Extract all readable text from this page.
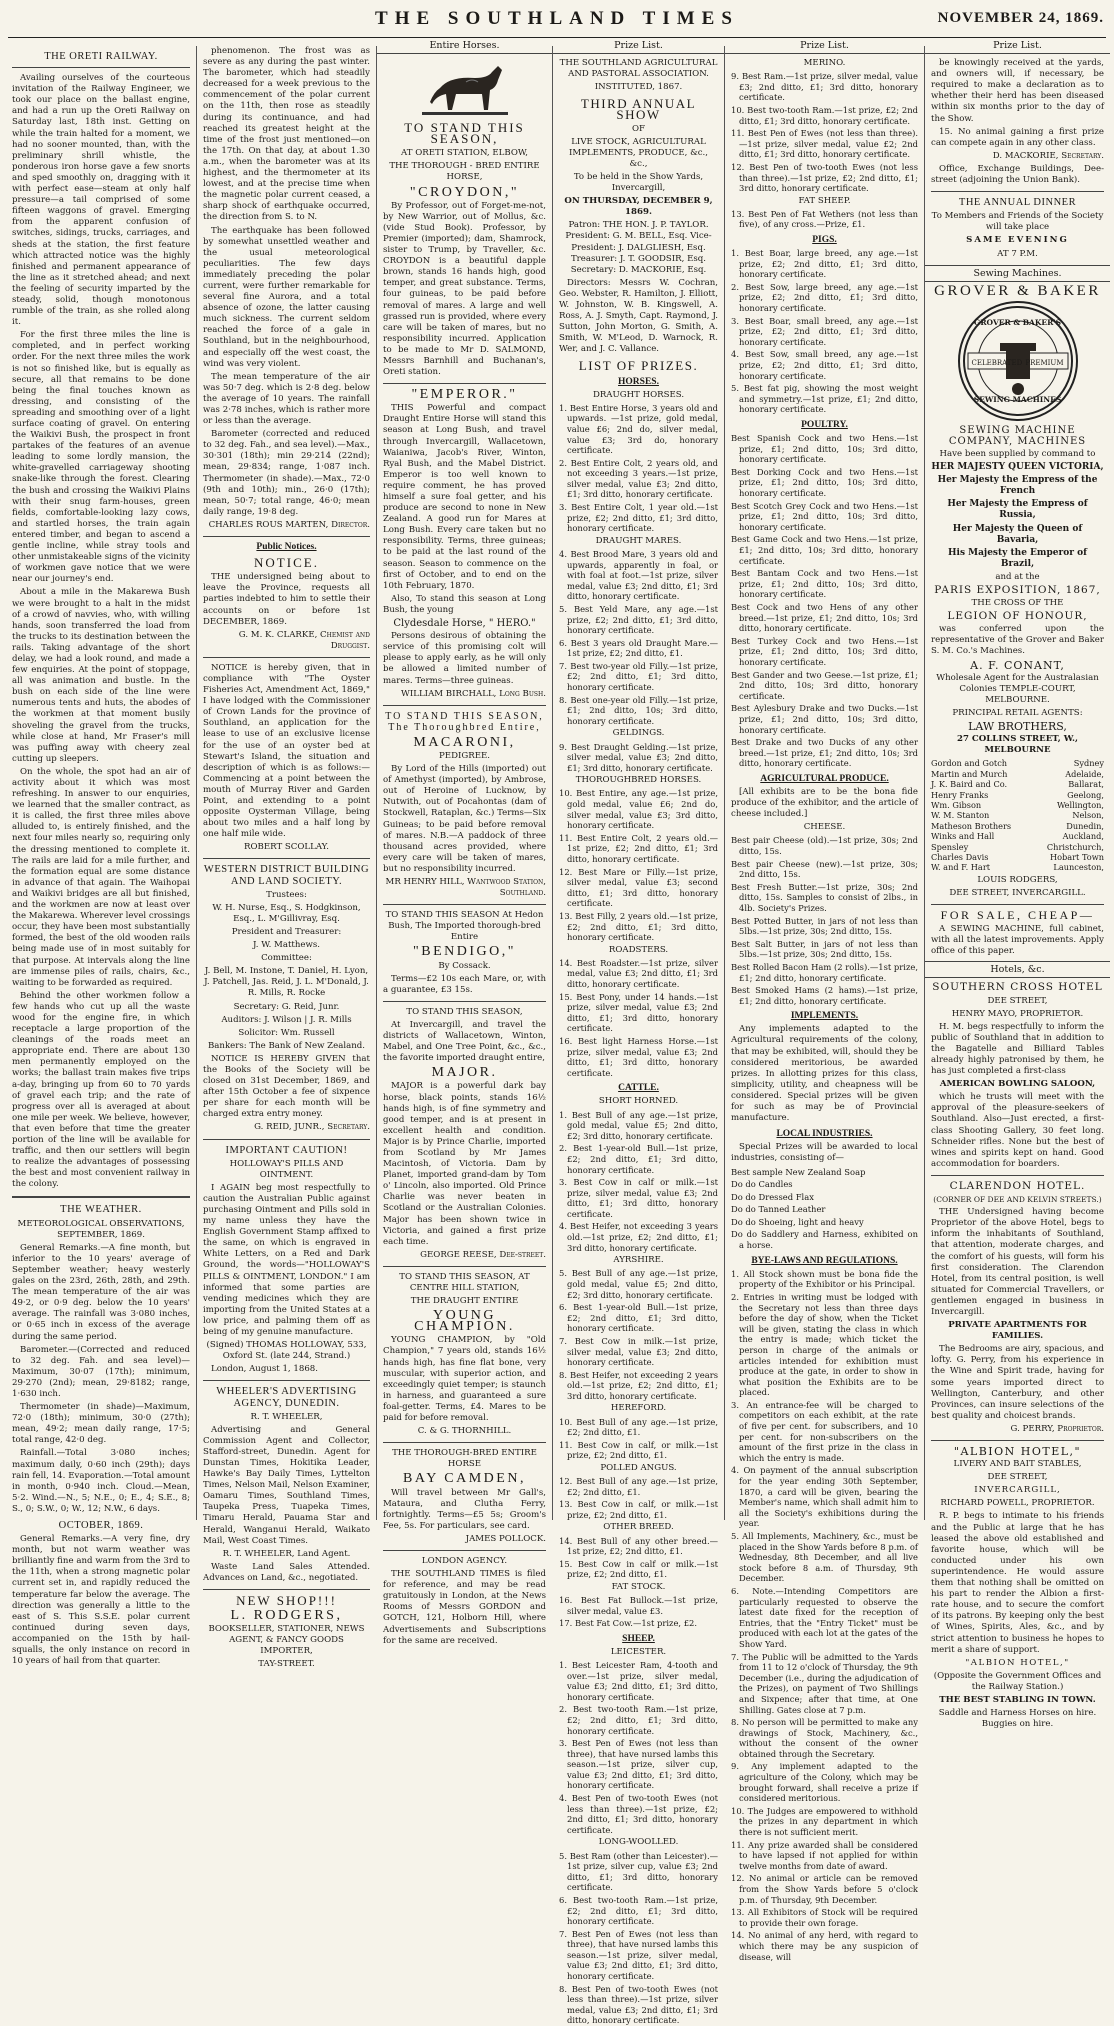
THE SOUTHLAND TIMES	NOVEMBER 24, 1869.
THE ORETI RAILWAY.

Availing ourselves of the courteous invitation of the Railway Engineer, we took our place on the ballast engine, and had a run up the Oreti Railway on Saturday last, 18th inst. Getting on while the train halted for a moment, we had no sooner mounted, than, with the preliminary shrill whistle, the ponderous iron horse gave a few snorts and sped smoothly on, dragging with it with perfect ease—steam at only half pressure—a tail comprised of some fifteen waggons of gravel. Emerging from the apparent confusion of switches, sidings, trucks, carriages, and sheds at the station, the first feature which attracted notice was the highly finished and permanent appearance of the line as it stretched ahead; and next the feeling of security imparted by the steady, solid, though monotonous rumble of the train, as she rolled along it.

For the first three miles the line is completed, and in perfect working order. For the next three miles the work is not so finished like, but is equally as secure, all that remains to be done being the final touches known as dressing, and consisting of the spreading and smoothing over of a light surface coating of gravel. On entering the Waikivi Bush, the prospect in front partakes of the features of an avenue leading to some lordly mansion, the white-gravelled carriageway shooting snake-like through the forest. Clearing the bush and crossing the Waikivi Plains with their snug farm-houses, green fields, comfortable-looking lazy cows, and startled horses, the train again entered timber, and began to ascend a gentle incline, while stray tools and other unmistakeable signs of the vicinity of workmen gave notice that we were near our journey's end.

About a mile in the Makarewa Bush we were brought to a halt in the midst of a crowd of navvies, who, with willing hands, soon transferred the load from the trucks to its destination between the rails. Taking advantage of the short delay, we had a look round, and made a few enquiries. At the point of stoppage, all was animation and bustle. In the bush on each side of the line were numerous tents and huts, the abodes of the workmen at that moment busily shoveling the gravel from the trucks, while close at hand, Mr Fraser's mill was puffing away with cheery zeal cutting up sleepers.

On the whole, the spot had an air of activity about it which was most refreshing. In answer to our enquiries, we learned that the smaller contract, as it is called, the first three miles above alluded to, is entirely finished, and the next four miles nearly so, requiring only the dressing mentioned to complete it. The rails are laid for a mile further, and the formation equal are some distance in advance of that again. The Waihopai and Waikivi bridges are all but finished, and the workmen are now at least over the Makarewa. Wherever level crossings occur, they have been most substantially formed, the best of the old wooden rails being made use of in most suitably for that purpose. At intervals along the line are immense piles of rails, chairs, &c., waiting to be forwarded as required.

Behind the other workmen follow a few hands who cut up all the waste wood for the engine fire, in which receptacle a large proportion of the cleanings of the roads meet an appropriate end. There are about 130 men permanently employed on the works; the ballast train makes five trips a-day, bringing up from 60 to 70 yards of gravel each trip; and the rate of progress over all is averaged at about one mile per week. We believe, however, that even before that time the greater portion of the line will be available for traffic, and then our settlers will begin to realize the advantages of possessing the best and most convenient railway in the colony.

THE WEATHER.

METEOROLOGICAL OBSERVATIONS, SEPTEMBER, 1869.

General Remarks.—A fine month, but inferior to the 10 years' average of September weather; heavy westerly gales on the 23rd, 26th, 28th, and 29th. The mean temperature of the air was 49·2, or 0·9 deg. below the 10 years' average. The rainfall was 3·080 inches, or 0·65 inch in excess of the average during the same period.

Barometer.—(Corrected and reduced to 32 deg. Fah. and sea level)—Maximum, 30·07 (17th); minimum, 29·270 (2nd); mean, 29·8182; range, 1·630 inch.

Thermometer (in shade)—Maximum, 72·0 (18th); minimum, 30·0 (27th); mean, 49·2; mean daily range, 17·5; total range, 42·0 deg.

Rainfall.—Total 3·080 inches; maximum daily, 0·60 inch (29th); days rain fell, 14. Evaporation.—Total amount in month, 0·940 inch. Cloud.—Mean, 5·2. Wind.—N., 5; N.E., 0; E., 4; S.E., 8; S., 0; S.W., 0; W., 12; N.W., 6 days.

OCTOBER, 1869.

General Remarks.—A very fine, dry month, but not warm weather was brilliantly fine and warm from the 3rd to the 11th, when a strong magnetic polar current set in, and rapidly reduced the temperature far below the average. The direction was generally a little to the east of S. This S.S.E. polar current continued during seven days, accompanied on the 15th by hail-squalls, the only instance on record in 10 years of hail from that quarter.

phenomenon. The frost was as severe as any during the past winter. The barometer, which had steadily decreased for a week previous to the commencement of the polar current on the 11th, then rose as steadily during its continuance, and had reached its greatest height at the time of the frost just mentioned—on the 17th. On that day, at about 1.30 a.m., when the barometer was at its highest, and the thermometer at its lowest, and at the precise time when the magnetic polar current ceased, a sharp shock of earthquake occurred, the direction from S. to N.

The earthquake has been followed by somewhat unsettled weather and the usual meteorological peculiarities. The few days immediately preceding the polar current, were further remarkable for several fine Aurora, and a total absence of ozone, the latter causing much sickness. The current seldom reached the force of a gale in Southland, but in the neighbourhood, and especially off the west coast, the wind was very violent.

The mean temperature of the air was 50·7 deg. which is 2·8 deg. below the average of 10 years. The rainfall was 2·78 inches, which is rather more or less than the average.

Barometer (corrected and reduced to 32 deg. Fah., and sea level).—Max., 30·301 (18th); min 29·214 (22nd); mean, 29·834; range, 1·087 inch. Thermometer (in shade).—Max., 72·0 (9th and 10th); min., 26·0 (17th); mean, 50·7; total range, 46·0; mean daily range, 19·8 deg.

CHARLES ROUS MARTEN, Director.

Public Notices.
NOTICE.

THE undersigned being about to leave the Province, requests all parties indebted to him to settle their accounts on or before 1st DECEMBER, 1869.

G. M. K. CLARKE, Chemist and Druggist.

NOTICE is hereby given, that in compliance with "The Oyster Fisheries Act, Amendment Act, 1869," I have lodged with the Commissioner of Crown Lands for the province of Southland, an application for the lease to use of an exclusive license for the use of an oyster bed at Stewart's Island, the situation and description of which is as follows:—Commencing at a point between the mouth of Murray River and Garden Point, and extending to a point opposite Oysterman Village, being about two miles and a half long by one half mile wide.

ROBERT SCOLLAY.

WESTERN DISTRICT BUILDING AND LAND SOCIETY.

Trustees:

W. H. Nurse, Esq., S. Hodgkinson, Esq., L. M'Gillivray, Esq.

President and Treasurer:

J. W. Matthews.

Committee:

J. Bell, M. Instone, T. Daniel, H. Lyon, J. Patchell, Jas. Reid, J. L. M'Donald, J. R. Mills, R. Rocke

Secretary: G. Reid, Junr.

Auditors: J. Wilson | J. R. Mills

Solicitor: Wm. Russell

Bankers: The Bank of New Zealand.

NOTICE IS HEREBY GIVEN that the Books of the Society will be closed on 31st December, 1869, and after 15th October a fee of sixpence per share for each month will be charged extra entry money.

G. REID, JUNR., Secretary.

IMPORTANT CAUTION!

HOLLOWAY'S PILLS AND OINTMENT.

I AGAIN beg most respectfully to caution the Australian Public against purchasing Ointment and Pills sold in my name unless they have the English Government Stamp affixed to the same, on which is engraved in White Letters, on a Red and Dark Ground, the words—"HOLLOWAY'S PILLS & OINTMENT, LONDON." I am informed that some parties are vending medicines which they are importing from the United States at a low price, and palming them off as being of my genuine manufacture.

(Signed) THOMAS HOLLOWAY, 533, Oxford St. (late 244, Strand.)

London, August 1, 1868.

WHEELER'S ADVERTISING AGENCY, DUNEDIN.

R. T. WHEELER,

Advertising and General Commission Agent and Collector, Stafford-street, Dunedin. Agent for Dunstan Times, Hokitika Leader, Hawke's Bay Daily Times, Lyttelton Times, Nelson Mail, Nelson Examiner, Oamaru Times, Southland Times, Taupeka Press, Tuapeka Times, Timaru Herald, Pauama Star and Herald, Wanganui Herald, Waikato Mail, West Coast Times.

R. T. WHEELER, Land Agent.

Waste Land Sales Attended. Advances on Land, &c., negotiated.

NEW SHOP!!!
L. RODGERS,

BOOKSELLER, STATIONER, NEWS AGENT, & FANCY GOODS IMPORTER,

TAY-STREET.

Entire Horses.
TO STAND THIS SEASON,

AT ORETI STATION, ELBOW,

THE THOROUGH - BRED ENTIRE HORSE,

"CROYDON,"

By Professor, out of Forget-me-not, by New Warrior, out of Mollus, &c. (vide Stud Book). Professor, by Premier (imported); dam, Shamrock, sister to Trump, by Traveller, &c. CROYDON is a beautiful dapple brown, stands 16 hands high, good temper, and great substance. Terms, four guineas, to be paid before removal of mares. A large and well grassed run is provided, where every care will be taken of mares, but no responsibility incurred. Application to be made to Mr D. SALMOND, Messrs Barnhill and Buchanan's, Oreti station.

"EMPEROR."

THIS Powerful and compact Draught Entire Horse will stand this season at Long Bush, and travel through Invercargill, Wallacetown, Waianiwa, Jacob's River, Winton, Ryal Bush, and the Mabel District. Emperor is too well known to require comment, he has proved himself a sure foal getter, and his produce are second to none in New Zealand. A good run for Mares at Long Bush. Every care taken but no responsibility. Terms, three guineas; to be paid at the last round of the season. Season to commence on the first of October, and to end on the 10th February, 1870.

Also, To stand this season at Long Bush, the young

Clydesdale Horse, " HERO."

Persons desirous of obtaining the service of this promising colt will please to apply early, as he will only be allowed a limited number of mares. Terms—three guineas.

WILLIAM BIRCHALL, Long Bush.

TO STAND THIS SEASON, The Thoroughbred Entire,
MACARONI,

PEDIGREE.

By Lord of the Hills (imported) out of Amethyst (imported), by Ambrose, out of Heroine of Lucknow, by Nutwith, out of Pocahontas (dam of Stockwell, Rataplan, &c.) Terms—Six Guineas; to be paid before removal of mares. N.B.—A paddock of three thousand acres provided, where every care will be taken of mares, but no responsibility incurred.

MR HENRY HILL, Wantwood Station, Southland.

TO STAND THIS SEASON At Hedon Bush, The Imported thorough-bred Entire

"BENDIGO,"

By Cossack.

Terms—£2 10s each Mare, or, with a guarantee, £3 15s.

TO STAND THIS SEASON,

At Invercargill, and travel the districts of Wallacetown, Winton, Mabel, and One Tree Point, &c., &c., the favorite imported draught entire,

MAJOR.

MAJOR is a powerful dark bay horse, black points, stands 16½ hands high, is of fine symmetry and good temper, and is at present in excellent health and condition. Major is by Prince Charlie, imported from Scotland by Mr James Macintosh, of Victoria. Dam by Planet, imported grand-dam by Tom o' Lincoln, also imported. Old Prince Charlie was never beaten in Scotland or the Australian Colonies. Major has been shown twice in Victoria, and gained a first prize each time.

GEORGE REESE, Dee-street.

TO STAND THIS SEASON, AT CENTRE HILL STATION,

THE DRAUGHT ENTIRE

YOUNG CHAMPION.

YOUNG CHAMPION, by "Old Champion," 7 years old, stands 16½ hands high, has fine flat bone, very muscular, with superior action, and exceedingly quiet temper; is staunch in harness, and guaranteed a sure foal-getter. Terms, £4. Mares to be paid for before removal.

C. & G. THORNHILL.

THE THOROUGH-BRED ENTIRE HORSE

BAY CAMDEN,

Will travel between Mr Gall's, Mataura, and Clutha Ferry, fortnightly. Terms—£5 5s; Groom's Fee, 5s. For particulars, see card.

JAMES POLLOCK.

LONDON AGENCY.

THE SOUTHLAND TIMES is filed for reference, and may be read gratuitously in London, at the News Rooms of Messrs GORDON and GOTCH, 121, Holborn Hill, where Advertisements and Subscriptions for the same are received.

Prize List.

THE SOUTHLAND AGRICULTURAL AND PASTORAL ASSOCIATION.

INSTITUTED, 1867.

THIRD ANNUAL SHOW

OF

LIVE STOCK, AGRICULTURAL IMPLEMENTS, PRODUCE, &c., &c.,

To be held in the Show Yards, Invercargill,

ON THURSDAY, DECEMBER 9, 1869.

Patron: THE HON. J. P. TAYLOR. President: G. M. BELL, Esq. Vice-President: J. DALGLIESH, Esq. Treasurer: J. T. GOODSIR, Esq. Secretary: D. MACKORIE, Esq.

Directors: Messrs W. Cochran, Geo. Webster, R. Hamilton, J. Elliott, W. Johnston, W. B. Kingswell, A. Ross, A. J. Smyth, Capt. Raymond, J. Sutton, John Morton, G. Smith, A. Smith, W. M'Leod, D. Warnock, R. Wer, and J. C. Vallance.

LIST OF PRIZES.
HORSES.

DRAUGHT HORSES.

1. Best Entire Horse, 3 years old and upwards. —1st prize, gold medal, value £6; 2nd do, silver medal, value £3; 3rd do, honorary certificate.

2. Best Entire Colt, 2 years old, and not exceeding 3 years.—1st prize, silver medal, value £3; 2nd ditto, £1; 3rd ditto, honorary certificate.

3. Best Entire Colt, 1 year old.—1st prize, £2; 2nd ditto, £1; 3rd ditto, honorary certificate.

DRAUGHT MARES.

4. Best Brood Mare, 3 years old and upwards, apparently in foal, or with foal at foot.—1st prize, silver medal, value £3; 2nd ditto, £1; 3rd ditto, honorary certificate.

5. Best Yeld Mare, any age.—1st prize, £2; 2nd ditto, £1; 3rd ditto, honorary certificate.

6. Best 3 years old Draught Mare.—1st prize, £2; 2nd ditto, £1.

7. Best two-year old Filly.—1st prize, £2; 2nd ditto, £1; 3rd ditto, honorary certificate.

8. Best one-year old Filly.—1st prize, £1; 2nd ditto, 10s; 3rd ditto, honorary certificate.

GELDINGS.

9. Best Draught Gelding.—1st prize, silver medal, value £3; 2nd ditto, £1; 3rd ditto, honorary certificate.

THOROUGHBRED HORSES.

10. Best Entire, any age.—1st prize, gold medal, value £6; 2nd do, silver medal, value £3; 3rd ditto, honorary certificate.

11. Best Entire Colt, 2 years old.—1st prize, £2; 2nd ditto, £1; 3rd ditto, honorary certificate.

12. Best Mare or Filly.—1st prize, silver medal, value £3; second ditto, £1; 3rd ditto, honorary certificate.

13. Best Filly, 2 years old.—1st prize, £2; 2nd ditto, £1; 3rd ditto, honorary certificate.

ROADSTERS.

14. Best Roadster.—1st prize, silver medal, value £3; 2nd ditto, £1; 3rd ditto, honorary certificate.

15. Best Pony, under 14 hands.—1st prize, silver medal, value £3; 2nd ditto, £1; 3rd ditto, honorary certificate.

16. Best light Harness Horse.—1st prize, silver medal, value £3; 2nd ditto, £1; 3rd ditto, honorary certificate.

CATTLE.

SHORT HORNED.

1. Best Bull of any age.—1st prize, gold medal, value £5; 2nd ditto, £2; 3rd ditto, honorary certificate.

2. Best 1-year-old Bull.—1st prize, £2; 2nd ditto, £1; 3rd ditto, honorary certificate.

3. Best Cow in calf or milk.—1st prize, silver medal, value £3; 2nd ditto, £1; 3rd ditto, honorary certificate.

4. Best Heifer, not exceeding 3 years old.—1st prize, £2; 2nd ditto, £1; 3rd ditto, honorary certificate.

AYRSHIRE.

5. Best Bull of any age.—1st prize, gold medal, value £5; 2nd ditto, £2; 3rd ditto, honorary certificate.

6. Best 1-year-old Bull.—1st prize, £2; 2nd ditto, £1; 3rd ditto, honorary certificate.

7. Best Cow in milk.—1st prize, silver medal, value £3; 2nd ditto, honorary certificate.

8. Best Heifer, not exceeding 2 years old.—1st prize, £2; 2nd ditto, £1; 3rd ditto, honorary certificate.

HEREFORD.

10. Best Bull of any age.—1st prize, £2; 2nd ditto, £1.

11. Best Cow in calf, or milk.—1st prize, £2; 2nd ditto, £1.

POLLED ANGUS.

12. Best Bull of any age.—1st prize, £2; 2nd ditto, £1.

13. Best Cow in calf, or milk.—1st prize, £2; 2nd ditto, £1.

OTHER BREED.

14. Best Bull of any other breed.—1st prize, £2; 2nd ditto, £1.

15. Best Cow in calf or milk.—1st prize, £2; 2nd ditto, £1.

FAT STOCK.

16. Best Fat Bullock.—1st prize, silver medal, value £3.

17. Best Fat Cow.—1st prize, £2.

SHEEP.

LEICESTER.

1. Best Leicester Ram, 4-tooth and over.—1st prize, silver medal, value £3; 2nd ditto, £1; 3rd ditto, honorary certificate.

2. Best two-tooth Ram.—1st prize, £2; 2nd ditto, £1; 3rd ditto, honorary certificate.

3. Best Pen of Ewes (not less than three), that have nursed lambs this season.—1st prize, silver cup, value £3; 2nd ditto, £1; 3rd ditto, honorary certificate.

4. Best Pen of two-tooth Ewes (not less than three).—1st prize, £2; 2nd ditto, £1; 3rd ditto, honorary certificate.

LONG-WOOLLED.

5. Best Ram (other than Leicester).—1st prize, silver cup, value £3; 2nd ditto, £1; 3rd ditto, honorary certificate.

6. Best two-tooth Ram.—1st prize, £2; 2nd ditto, £1; 3rd ditto, honorary certificate.

7. Best Pen of Ewes (not less than three), that have nursed lambs this season.—1st prize, silver medal, value £3; 2nd ditto, £1; 3rd ditto, honorary certificate.

8. Best Pen of two-tooth Ewes (not less than three).—1st prize, silver medal, value £3; 2nd ditto, £1; 3rd ditto, honorary certificate.

Prize List.

MERINO.

9. Best Ram.—1st prize, silver medal, value £3; 2nd ditto, £1; 3rd ditto, honorary certificate.

10. Best two-tooth Ram.—1st prize, £2; 2nd ditto, £1; 3rd ditto, honorary certificate.

11. Best Pen of Ewes (not less than three).—1st prize, silver medal, value £2; 2nd ditto, £1; 3rd ditto, honorary certificate.

12. Best Pen of two-tooth Ewes (not less than three).—1st prize, £2; 2nd ditto, £1; 3rd ditto, honorary certificate.

FAT SHEEP.

13. Best Pen of Fat Wethers (not less than five), of any cross.—Prize, £1.

PIGS.

1. Best Boar, large breed, any age.—1st prize, £2; 2nd ditto, £1; 3rd ditto, honorary certificate.

2. Best Sow, large breed, any age.—1st prize, £2; 2nd ditto, £1; 3rd ditto, honorary certificate.

3. Best Boar, small breed, any age.—1st prize, £2; 2nd ditto, £1; 3rd ditto, honorary certificate.

4. Best Sow, small breed, any age.—1st prize, £2; 2nd ditto, £1; 3rd ditto, honorary certificate.

5. Best fat pig, showing the most weight and symmetry.—1st prize, £1; 2nd ditto, honorary certificate.

POULTRY.

Best Spanish Cock and two Hens.—1st prize, £1; 2nd ditto, 10s; 3rd ditto, honorary certificate.

Best Dorking Cock and two Hens.—1st prize, £1; 2nd ditto, 10s; 3rd ditto, honorary certificate.

Best Scotch Grey Cock and two Hens.—1st prize, £1; 2nd ditto, 10s; 3rd ditto, honorary certificate.

Best Game Cock and two Hens.—1st prize, £1; 2nd ditto, 10s; 3rd ditto, honorary certificate.

Best Bantam Cock and two Hens.—1st prize, £1; 2nd ditto, 10s; 3rd ditto, honorary certificate.

Best Cock and two Hens of any other breed.—1st prize, £1; 2nd ditto, 10s; 3rd ditto, honorary certificate.

Best Turkey Cock and two Hens.—1st prize, £1; 2nd ditto, 10s; 3rd ditto, honorary certificate.

Best Gander and two Geese.—1st prize, £1; 2nd ditto, 10s; 3rd ditto, honorary certificate.

Best Aylesbury Drake and two Ducks.—1st prize, £1; 2nd ditto, 10s; 3rd ditto, honorary certificate.

Best Drake and two Ducks of any other breed.—1st prize, £1; 2nd ditto, 10s; 3rd ditto, honorary certificate.

AGRICULTURAL PRODUCE.

[All exhibits are to be the bona fide produce of the exhibitor, and the article of cheese included.]

CHEESE.

Best pair Cheese (old).—1st prize, 30s; 2nd ditto, 15s.

Best pair Cheese (new).—1st prize, 30s; 2nd ditto, 15s.

Best Fresh Butter.—1st prize, 30s; 2nd ditto, 15s. Samples to consist of 2lbs., in 4lb. Society's Prizes.

Best Potted Butter, in jars of not less than 5lbs.—1st prize, 30s; 2nd ditto, 15s.

Best Salt Butter, in jars of not less than 5lbs.—1st prize, 30s; 2nd ditto, 15s.

Best Rolled Bacon Ham (2 rolls).—1st prize, £1; 2nd ditto, honorary certificate.

Best Smoked Hams (2 hams).—1st prize, £1; 2nd ditto, honorary certificate.

IMPLEMENTS.

Any implements adapted to the Agricultural requirements of the colony, that may be exhibited, will, should they be considered meritorious, be awarded prizes. In allotting prizes for this class, simplicity, utility, and cheapness will be considered. Special prizes will be given for such as may be of Provincial manufacture.

LOCAL INDUSTRIES.

Special Prizes will be awarded to local industries, consisting of—

Best sample New Zealand Soap

Do do Candles

Do do Dressed Flax

Do do Tanned Leather

Do do Shoeing, light and heavy

Do do Saddlery and Harness, exhibited on a horse.

BYE-LAWS AND REGULATIONS.

1. All Stock shown must be bona fide the property of the Exhibitor or his Principal.

2. Entries in writing must be lodged with the Secretary not less than three days before the day of show, when the Ticket will be given, stating the class in which the entry is made; which ticket the person in charge of the animals or articles intended for exhibition must produce at the gate, in order to show in what position the Exhibits are to be placed.

3. An entrance-fee will be charged to competitors on each exhibit, at the rate of five per cent. for subscribers, and 10 per cent. for non-subscribers on the amount of the first prize in the class in which the entry is made.

4. On payment of the annual subscription for the year ending 30th September, 1870, a card will be given, bearing the Member's name, which shall admit him to all the Society's exhibitions during the year.

5. All Implements, Machinery, &c., must be placed in the Show Yards before 8 p.m. of Wednesday, 8th December, and all live stock before 8 a.m. of Thursday, 9th December.

6. Note.—Intending Competitors are particularly requested to observe the latest date fixed for the reception of Entries, that the "Entry Ticket" must be produced with each lot at the gates of the Show Yard.

7. The Public will be admitted to the Yards from 11 to 12 o'clock of Thursday, the 9th December (i.e., during the adjudication of the Prizes), on payment of Two Shillings and Sixpence; after that time, at One Shilling. Gates close at 7 p.m.

8. No person will be permitted to make any drawings of Stock, Machinery, &c., without the consent of the owner obtained through the Secretary.

9. Any implement adapted to the agriculture of the Colony, which may be brought forward, shall receive a prize if considered meritorious.

10. The Judges are empowered to withhold the prizes in any department in which there is not sufficient merit.

11. Any prize awarded shall be considered to have lapsed if not applied for within twelve months from date of award.

12. No animal or article can be removed from the Show Yards before 5 o'clock p.m. of Thursday, 9th December.

13. All Exhibitors of Stock will be required to provide their own forage.

14. No animal of any herd, with regard to which there may be any suspicion of disease, will

Prize List.

be knowingly received at the yards, and owners will, if necessary, be required to make a declaration as to whether their herd has been diseased within six months prior to the day of the Show.

15. No animal gaining a first prize can compete again in any other class.

D. MACKORIE, Secretary.

Office, Exchange Buildings, Dee-street (adjoining the Union Bank).

THE ANNUAL DINNER

To Members and Friends of the Society will take place

SAME EVENING

AT 7 P.M.

Sewing Machines.
GROVER & BAKER
GROVER & BAKER'S
CELEBRATED PREMIUM
SEWING MACHINES

SEWING MACHINE COMPANY, MACHINES

Have been supplied by command to

HER MAJESTY QUEEN VICTORIA,

Her Majesty the Empress of the French

Her Majesty the Empress of Russia,

Her Majesty the Queen of Bavaria,

His Majesty the Emperor of Brazil,

and at the

PARIS EXPOSITION, 1867,

THE CROSS OF THE

LEGION OF HONOUR,

was conferred upon the representative of the Grover and Baker S. M. Co.'s Machines.

A. F. CONANT,

Wholesale Agent for the Australasian Colonies TEMPLE-COURT, MELBOURNE.

PRINCIPAL RETAIL AGENTS:

LAW BROTHERS,

27 COLLINS STREET, W., MELBOURNE

Gordon and Gotch	Sydney
Martin and Murch	Adelaide,
J. K. Baird and Co.	Ballarat,
Henry Franks	Geelong,
Wm. Gibson	Wellington,
W. M. Stanton	Nelson,
Matheson Brothers	Dunedin,
Winks and Hall	Auckland,
Spensley	Christchurch,
Charles Davis	Hobart Town
W. and F. Hart	Launceston,

LOUIS RODGERS,

DEE STREET, INVERCARGILL.

FOR SALE, CHEAP—

A SEWING MACHINE, full cabinet, with all the latest improvements. Apply office of this paper.

Hotels, &c.

SOUTHERN CROSS HOTEL

DEE STREET,

HENRY MAYO, PROPRIETOR.

H. M. begs respectfully to inform the public of Southland that in addition to the Bagatelle and Billiard Tables already highly patronised by them, he has just completed a first-class

AMERICAN BOWLING SALOON,

which he trusts will meet with the approval of the pleasure-seekers of Southland. Also—Just erected, a first-class Shooting Gallery, 30 feet long. Schneider rifles. None but the best of wines and spirits kept on hand. Good accommodation for boarders.

CLARENDON HOTEL.

(CORNER OF DEE AND KELVIN STREETS.)

THE Undersigned having become Proprietor of the above Hotel, begs to inform the inhabitants of Southland, that attention, moderate charges, and the comfort of his guests, will form his first consideration. The Clarendon Hotel, from its central position, is well situated for Commercial Travellers, or gentlemen engaged in business in Invercargill.

PRIVATE APARTMENTS FOR FAMILIES.

The Bedrooms are airy, spacious, and lofty. G. Perry, from his experience in the Wine and Spirit trade, having for some years imported direct to Wellington, Canterbury, and other Provinces, can insure selections of the best quality and choicest brands.

G. PERRY, Proprietor.

"ALBION HOTEL,"

LIVERY AND BAIT STABLES,

DEE STREET,

INVERCARGILL,

RICHARD POWELL, PROPRIETOR.

R. P. begs to intimate to his friends and the Public at large that he has leased the above old established and favorite house, which will be conducted under his own superintendence. He would assure them that nothing shall be omitted on his part to render the Albion a first-rate house, and to secure the comfort of its patrons. By keeping only the best of Wines, Spirits, Ales, &c., and by strict attention to business he hopes to merit a share of support.

"ALBION HOTEL,"

(Opposite the Government Offices and the Railway Station.)

THE BEST STABLING IN TOWN.

Saddle and Harness Horses on hire. Buggies on hire.
